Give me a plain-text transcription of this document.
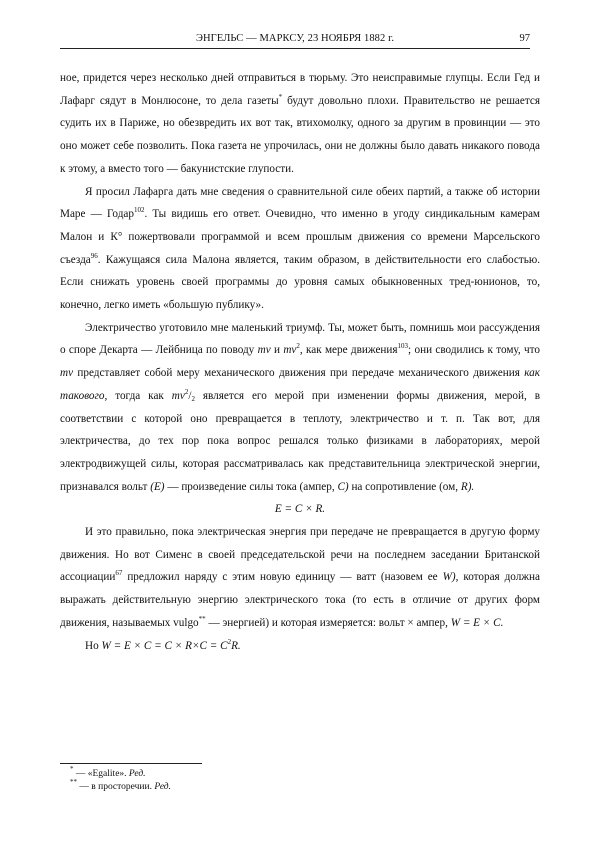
ЭНГЕЛЬС — МАРКСУ, 23 НОЯБРЯ 1882 г.	97

ное, придется через несколько дней отправиться в тюрьму. Это неисправимые глупцы. Если Гед и Лафарг сядут в Монлюсоне, то дела газеты* будут довольно плохи. Правительство не решается судить их в Париже, но обезвредить их вот так, втихомолку, одного за другим в провинции — это оно может себе позволить. Пока газета не упрочилась, они не должны было давать никакого повода к этому, а вместо того — бакунистские глупости.

Я просил Лафарга дать мне сведения о сравнительной силе обеих партий, а также об истории Маре — Годар$^{102}$. Ты видишь его ответ. Очевидно, что именно в угоду синдикальным камерам Малон и К° пожертвовали программой и всем прошлым движения со времени Марсельского съезда$^{96}$. Кажущаяся сила Малона является, таким образом, в действительности его слабостью. Если снижать уровень своей программы до уровня самых обыкновенных тред-юнионов, то, конечно, легко иметь «большую публику».

Электричество уготовило мне маленький триумф. Ты, может быть, помнишь мои рассуждения о споре Декарта — Лейбница по поводу mv и $mv^2$, как мере движения$^{103}$; они сводились к тому, что mv представляет собой меру механического движения при передаче механического движения как такового, тогда как $mv^2/_2$ является его мерой при изменении формы движения, мерой, в соответствии с которой оно превращается в теплоту, электричество и т. п. Так вот, для электричества, до тех пор пока вопрос решался только физиками в лабораториях, мерой электродвижущей силы, которая рассматривалась как представительница электрической энергии, признавался вольт (Е) — произведение силы тока (ампер, С) на сопротивление (ом, R).

Е = С × R.

И это правильно, пока электрическая энергия при передаче не превращается в другую форму движения. Но вот Сименс в своей председательской речи на последнем заседании Британской ассоциации$^{67}$ предложил наряду с этим новую единицу — ватт (назовем ее W), которая должна выражать действительную энергию электрического тока (то есть в отличие от других форм движения, называемых vulgo** — энергией) и которая измеряется: вольт × ампер, W = Е × С.

Но $W = Е \times С = С \times R\times С = С^2R$.

* — «Egalite». Ред.
** — в просторечии. Ред.
